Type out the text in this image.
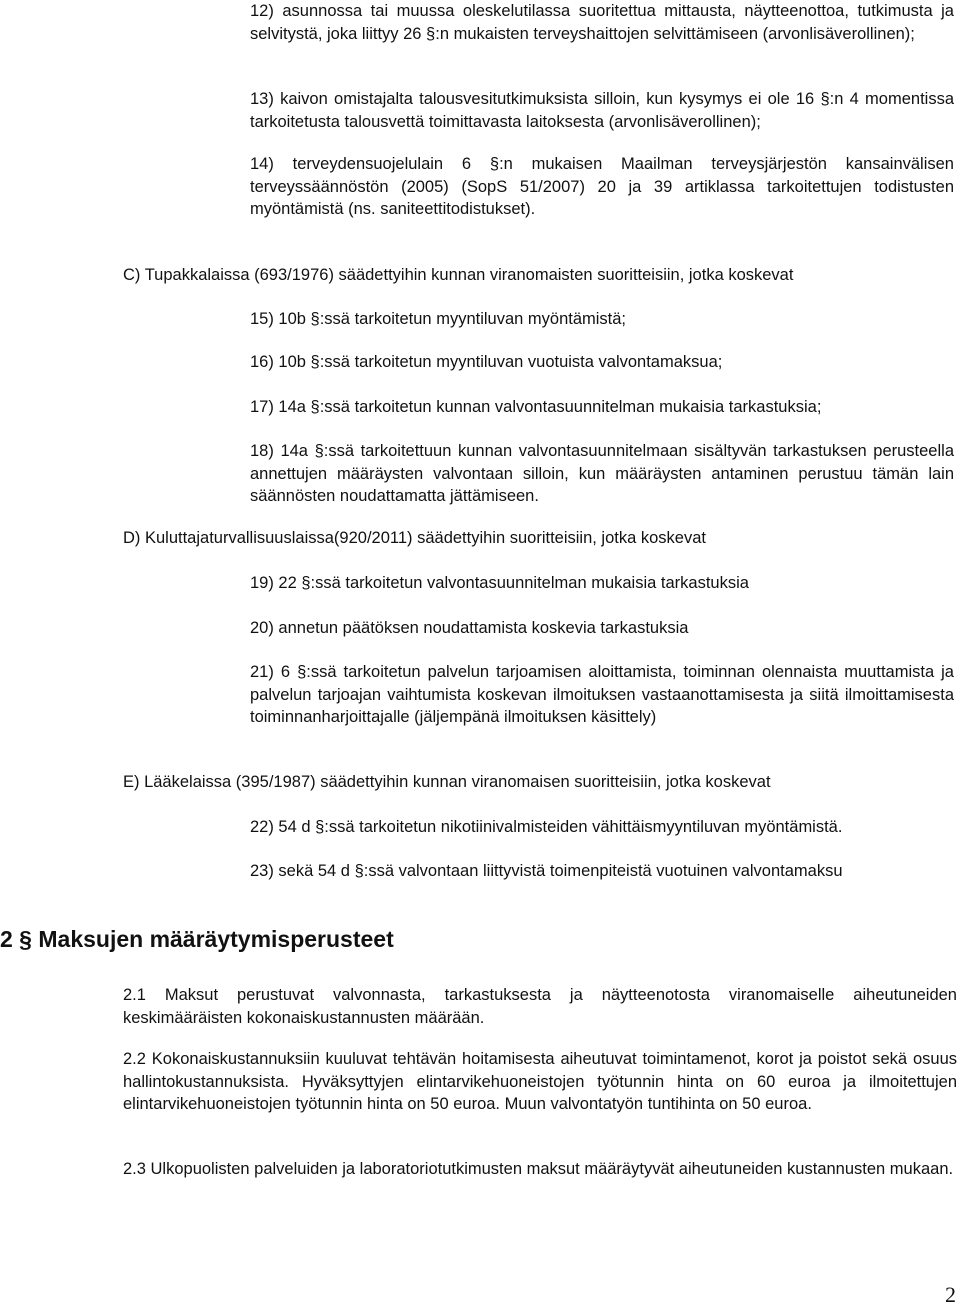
12) asunnossa tai muussa oleskelutilassa suoritettua mittausta, näytteenottoa, tutkimusta ja selvitystä, joka liittyy 26 §:n mukaisten terveyshaittojen selvittämiseen (arvonlisäverollinen);

13) kaivon omistajalta talousvesitutkimuksista silloin, kun kysymys ei ole 16 §:n 4 momentissa tarkoitetusta talousvettä toimittavasta laitoksesta (arvonlisäverollinen);

14) terveydensuojelulain 6 §:n mukaisen Maailman terveysjärjestön kansainvälisen terveyssäännöstön (2005) (SopS 51/2007) 20 ja 39 artiklassa tarkoitettujen todistusten myöntämistä (ns. saniteettitodistukset).

C) Tupakkalaissa (693/1976) säädettyihin kunnan viranomaisten suoritteisiin, jotka koskevat

15) 10b §:ssä tarkoitetun myyntiluvan myöntämistä;

16) 10b §:ssä tarkoitetun myyntiluvan vuotuista valvontamaksua;

17) 14a §:ssä tarkoitetun kunnan valvontasuunnitelman mukaisia tarkastuksia;

18) 14a §:ssä tarkoitettuun kunnan valvontasuunnitelmaan sisältyvän tarkastuksen perusteella annettujen määräysten valvontaan silloin, kun määräysten antaminen perustuu tämän lain säännösten noudattamatta jättämiseen.

D) Kuluttajaturvallisuuslaissa(920/2011) säädettyihin suoritteisiin, jotka koskevat

19) 22 §:ssä tarkoitetun valvontasuunnitelman mukaisia tarkastuksia

20) annetun päätöksen noudattamista koskevia tarkastuksia

21) 6 §:ssä tarkoitetun palvelun tarjoamisen aloittamista, toiminnan olennaista muuttamista ja palvelun tarjoajan vaihtumista koskevan ilmoituksen vastaanottamisesta ja siitä ilmoittamisesta toiminnanharjoittajalle (jäljempänä ilmoituksen käsittely)

E) Lääkelaissa (395/1987) säädettyihin kunnan viranomaisen suoritteisiin, jotka koskevat

22) 54 d §:ssä tarkoitetun nikotiinivalmisteiden vähittäismyyntiluvan myöntämistä.

23) sekä 54 d §:ssä valvontaan liittyvistä toimenpiteistä vuotuinen valvontamaksu

2 § Maksujen määräytymisperusteet

2.1 Maksut perustuvat valvonnasta, tarkastuksesta ja näytteenotosta viranomaiselle aiheutuneiden keskimääräisten kokonaiskustannusten määrään.

2.2 Kokonaiskustannuksiin kuuluvat tehtävän hoitamisesta aiheutuvat toimintamenot, korot ja poistot sekä osuus hallintokustannuksista. Hyväksyttyjen elintarvikehuoneistojen työtunnin hinta on 60 euroa ja ilmoitettujen elintarvikehuoneistojen työtunnin hinta on 50 euroa. Muun valvontatyön tuntihinta on 50 euroa.

2.3 Ulkopuolisten palveluiden ja laboratoriotutkimusten maksut määräytyvät aiheutuneiden kustannusten mukaan.

2
